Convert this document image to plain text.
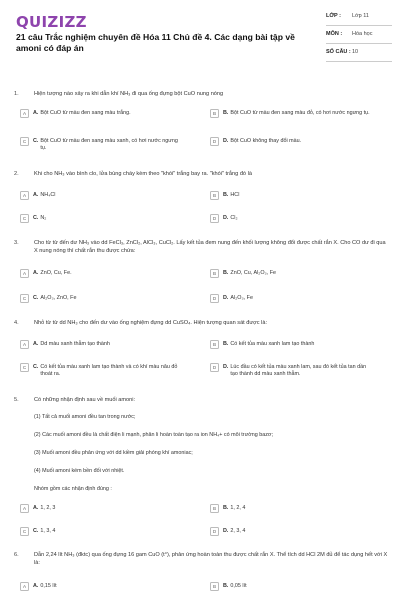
QUIZIZZ
21 câu Trắc nghiệm chuyên đề Hóa 11 Chủ đề 4. Các dạng bài tập về amoni có đáp án
LỚP :	Lớp 11
MÔN :	Hóa học
SỐ CÂU : 10
1.	Hiện tượng nào xảy ra khi dẫn khí NH₃ đi qua ống đựng bột CuO nung nóng
A	A. Bột CuO từ màu đen sang màu trắng.	B	B. Bột CuO từ màu đen sang màu đỏ, có hơi nước ngưng tụ.
C	C. Bột CuO từ màu đen sang màu xanh, có hơi nước ngưng tụ.
D	D. Bột CuO không thay đổi màu.
2.	Khi cho NH₃ vào bình clo, lửa bùng cháy kèm theo "khói" trắng bay ra. "khói" trắng đó là
A	A. NH₄Cl	B	B. HCl
C	C. N₂	D	D. Cl₂
3.	Cho từ từ đến dư NH₃ vào dd FeCl₃, ZnCl₂, AlCl₃, CuCl₂. Lấy kết tủa đem nung đến khối lượng không đổi được chất rắn X. Cho CO dư đi qua X nung nóng thì chất rắn thu được chứa:
A	A. ZnO, Cu, Fe.	B	B. ZnO, Cu, Al₂O₃, Fe
C	C. Al₂O₃, ZnO, Fe	D	D. Al₂O₃, Fe
4.	Nhỏ từ từ dd NH₃ cho đến dư vào ống nghiệm đựng dd CuSO₄. Hiện tượng quan sát được là:
A	A. Dd màu xanh thẫm tạo thành	B	B. Có kết tủa màu xanh lam tạo thành
C	C. Có kết tủa màu xanh lam tạo thành và có khí màu nâu đỏ thoát ra.
D	D. Lúc đầu có kết tủa màu xanh lam, sau đó kết tủa tan dần tạo thành dd màu xanh thẫm.
5.	Có những nhận định sau về muối amoni:
(1) Tất cả muối amoni đều tan trong nước;
(2) Các muối amoni đều là chất điện li mạnh, phân li hoàn toàn tạo ra ion NH₄+ có môi trường bazơ;
(3) Muối amoni đều phản ứng với dd kiềm giải phóng khí amoniac;
(4) Muối amoni kém bền đối với nhiệt.
Nhóm gồm các nhận định đúng :
A	A. 1, 2, 3	B	B. 1, 2, 4
C	C. 1, 3, 4	D	D. 2, 3, 4
6.	Dẫn 2,24 lít NH₃ (đktc) qua ống đựng 16 gam CuO (t°), phản ứng hoàn toàn thu được chất rắn X. Thể tích dd HCl 2M đủ để tác dụng hết với X là:
A	A. 0,15 lít	B	B. 0,05 lít
